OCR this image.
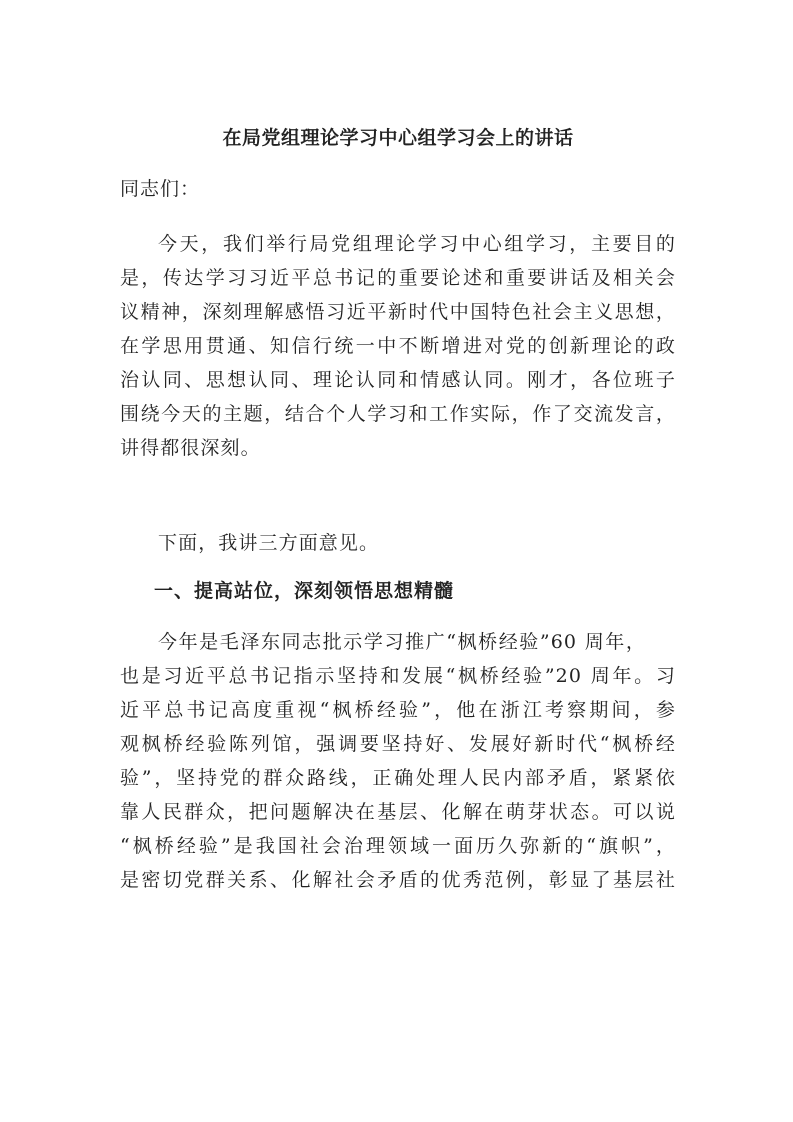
在局党组理论学习中心组学习会上的讲话
同志们：
今天，我们举行局党组理论学习中心组学习，主要目的
是，传达学习习近平总书记的重要论述和重要讲话及相关会
议精神，深刻理解感悟习近平新时代中国特色社会主义思想，
在学思用贯通、知信行统一中不断增进对党的创新理论的政
治认同、思想认同、理论认同和情感认同。刚才，各位班子
围绕今天的主题，结合个人学习和工作实际，作了交流发言，
讲得都很深刻。
下面，我讲三方面意见。
一、提高站位，深刻领悟思想精髓
今年是毛泽东同志批示学习推广“枫桥经验”60 周年，
也是习近平总书记指示坚持和发展“枫桥经验”20 周年。习
近平总书记高度重视“枫桥经验”，他在浙江考察期间，参
观枫桥经验陈列馆，强调要坚持好、发展好新时代“枫桥经
验”，坚持党的群众路线，正确处理人民内部矛盾，紧紧依
靠人民群众，把问题解决在基层、化解在萌芽状态。可以说
“枫桥经验”是我国社会治理领域一面历久弥新的“旗帜”，
是密切党群关系、化解社会矛盾的优秀范例，彰显了基层社
